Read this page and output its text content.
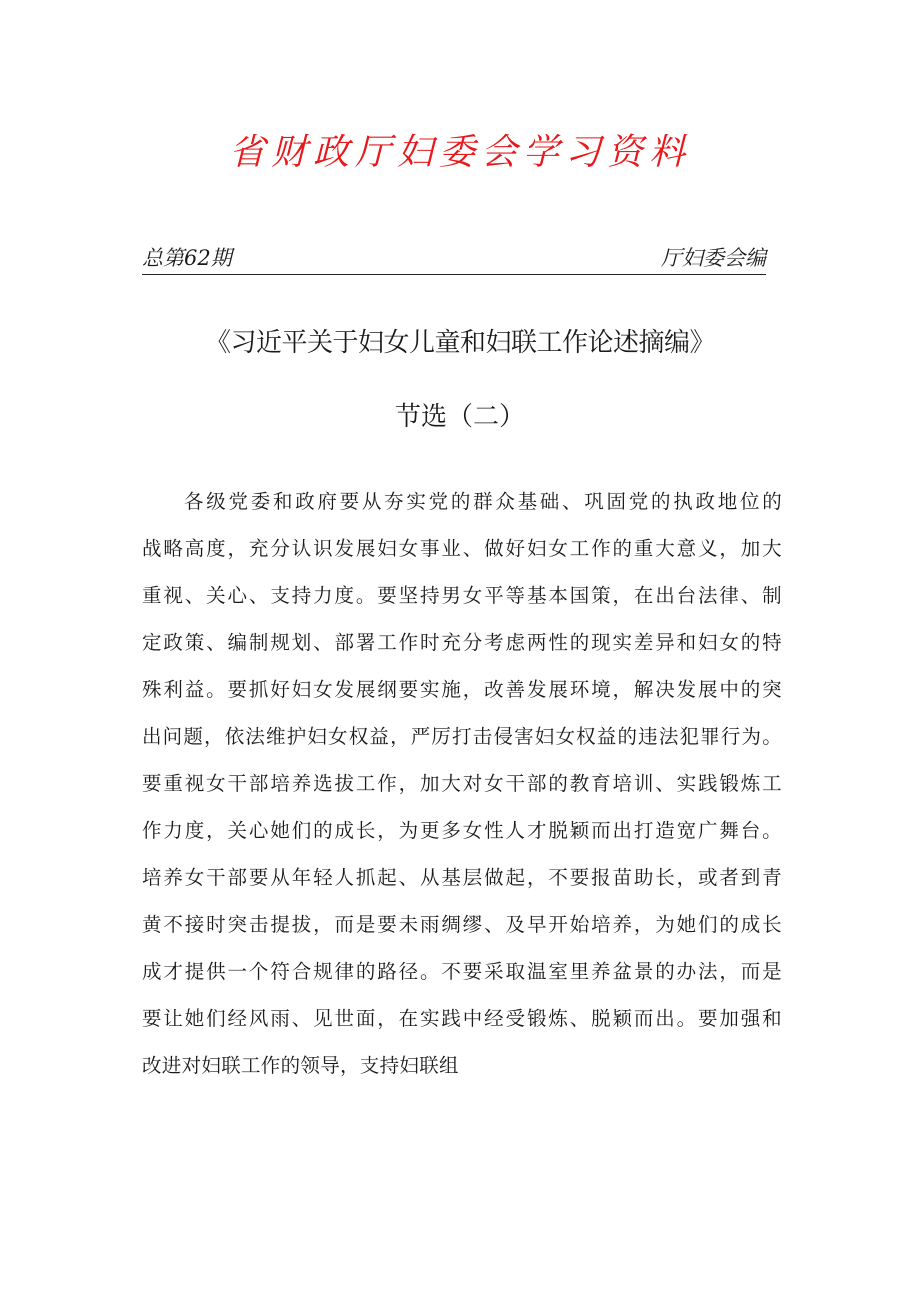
省财政厅妇委会学习资料
总第62期	厅妇委会编
《习近平关于妇女儿童和妇联工作论述摘编》
节选（二）
各级党委和政府要从夯实党的群众基础、巩固党的执政地位的
战略高度，充分认识发展妇女事业、做好妇女工作的重大意义，加大
重视、关心、支持力度。要坚持男女平等基本国策，在出台法律、制
定政策、编制规划、部署工作时充分考虑两性的现实差异和妇女的特
殊利益。要抓好妇女发展纲要实施，改善发展环境，解决发展中的突
出问题，依法维护妇女权益，严厉打击侵害妇女权益的违法犯罪行为。
要重视女干部培养选拔工作，加大对女干部的教育培训、实践锻炼工
作力度，关心她们的成长，为更多女性人才脱颖而出打造宽广舞台。
培养女干部要从年轻人抓起、从基层做起，不要报苗助长，或者到青
黄不接时突击提拔，而是要未雨绸缪、及早开始培养，为她们的成长
成才提供一个符合规律的路径。不要采取温室里养盆景的办法，而是
要让她们经风雨、见世面，在实践中经受锻炼、脱颖而出。要加强和
改进对妇联工作的领导，支持妇联组
